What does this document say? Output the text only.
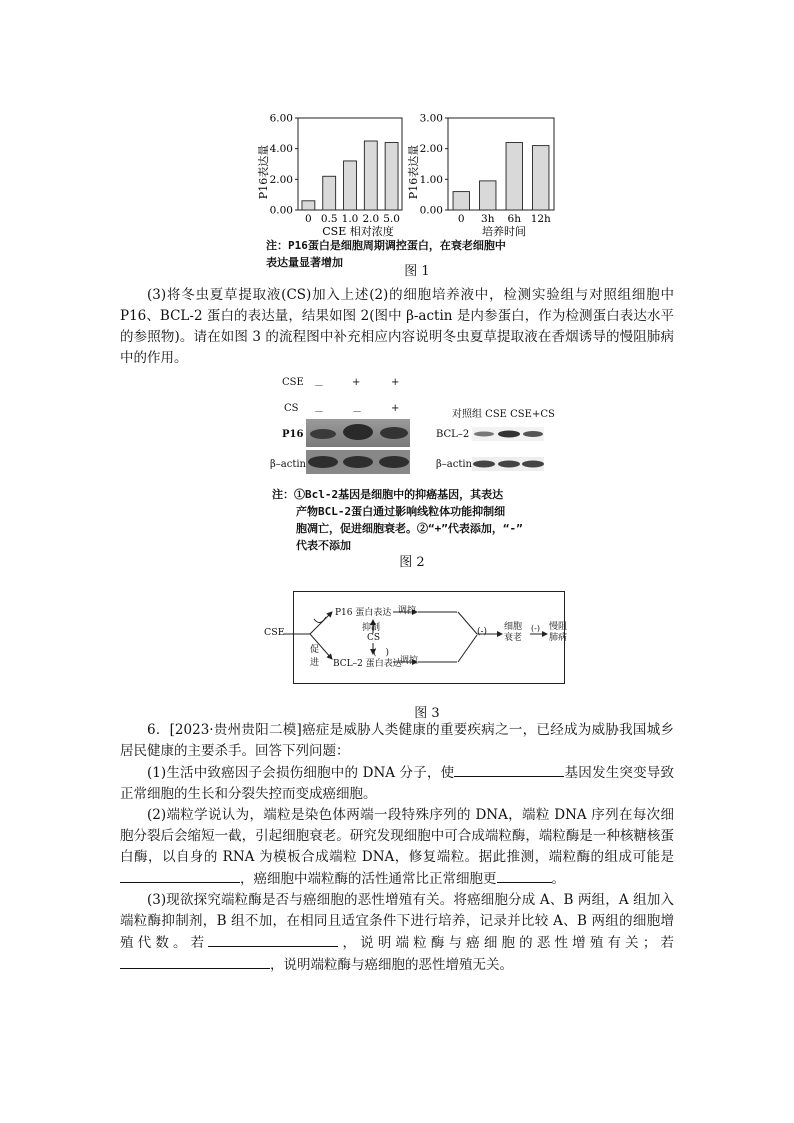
P16表达量
CSE 相对浓度
6.00
4.00
2.00
0.00
0 0.5 1.0 2.0 5.0
P16表达量
培养时间
3.00
2.00
1.00
0.00
0 3h 6h 12h
注：P16蛋白是细胞周期调控蛋白，在衰老细胞中
表达量显著增加
图 1

(3)将冬虫夏草提取液(CS)加入上述(2)的细胞培养液中，检测实验组与对照组细胞中P16、BCL-2 蛋白的表达量，结果如图 2(图中 β-actin 是内参蛋白，作为检测蛋白表达水平的参照物)。请在如图 3 的流程图中补充相应内容说明冬虫夏草提取液在香烟诱导的慢阻肺病中的作用。

CSE －	+	+
CS －	－	+
P16
β–actin
对照组 CSE CSE+CS
BCL–2
β–actin
注：①Bcl-2基因是细胞中的抑癌基因，其表达
产物BCL-2蛋白通过影响线粒体功能抑制细
胞凋亡，促进细胞衰老。②“+”代表添加，“-”
代表不添加
图 2
CSE
P16 蛋白表达 调控
抑制
CS
(　)
促
进 BCL–2 蛋白表达
调控
(-) 细胞
衰老
(-) 慢阻
肺病
图 3

6．[2023·贵州贵阳二模]癌症是威胁人类健康的重要疾病之一，已经成为威胁我国城乡居民健康的主要杀手。回答下列问题：

(1)生活中致癌因子会损伤细胞中的 DNA 分子，使	基因发生突变导致正常细胞的生长和分裂失控而变成癌细胞。

(2)端粒学说认为，端粒是染色体两端一段特殊序列的 DNA，端粒 DNA 序列在每次细胞分裂后会缩短一截，引起细胞衰老。研究发现细胞中可合成端粒酶，端粒酶是一种核糖核蛋白酶，以自身的 RNA 为模板合成端粒 DNA，修复端粒。据此推测，端粒酶的组成可能是，癌细胞中端粒酶的活性通常比正常细胞更	。

(3)现欲探究端粒酶是否与癌细胞的恶性增殖有关。将癌细胞分成 A、B 两组，A 组加入端粒酶抑制剂，B 组不加，在相同且适宜条件下进行培养，记录并比较 A、B 两组的细胞增殖代数。若	，说明端粒酶与癌细胞的恶性增殖有关；若，说明端粒酶与癌细胞的恶性增殖无关。
